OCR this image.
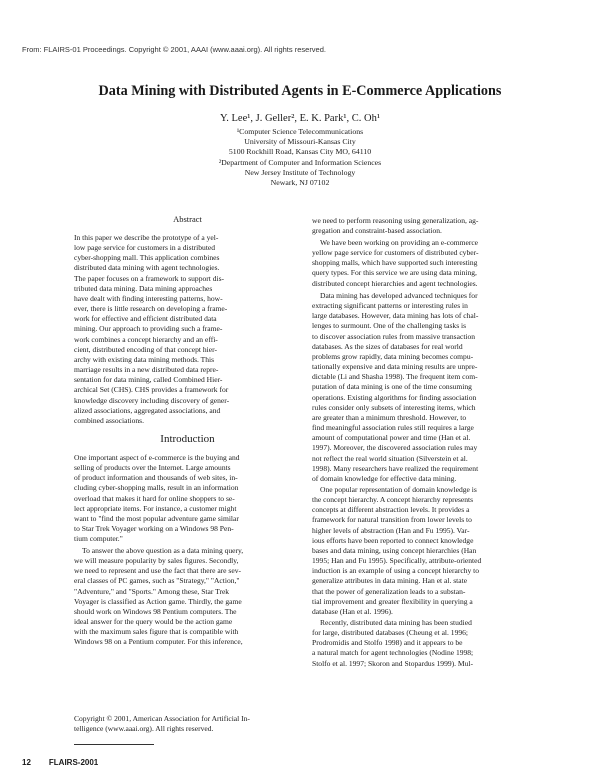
From: FLAIRS-01 Proceedings. Copyright © 2001, AAAI (www.aaai.org). All rights reserved.
Data Mining with Distributed Agents in E-Commerce Applications
Y. Lee¹, J. Geller², E. K. Park¹, C. Oh¹
¹Computer Science Telecommunications
University of Missouri-Kansas City
5100 Rockhill Road, Kansas City MO, 64110
²Department of Computer and Information Sciences
New Jersey Institute of Technology
Newark, NJ 07102
Abstract
In this paper we describe the prototype of a yel-
low page service for customers in a distributed
cyber-shopping mall. This application combines
distributed data mining with agent technologies.
The paper focuses on a framework to support dis-
tributed data mining. Data mining approaches
have dealt with finding interesting patterns, how-
ever, there is little research on developing a frame-
work for effective and efficient distributed data
mining. Our approach to providing such a frame-
work combines a concept hierarchy and an effi-
cient, distributed encoding of that concept hier-
archy with existing data mining methods. This
marriage results in a new distributed data repre-
sentation for data mining, called Combined Hier-
archical Set (CHS). CHS provides a framework for
knowledge discovery including discovery of gener-
alized associations, aggregated associations, and
combined associations.
Introduction
One important aspect of e-commerce is the buying and
selling of products over the Internet. Large amounts
of product information and thousands of web sites, in-
cluding cyber-shopping malls, result in an information
overload that makes it hard for online shoppers to se-
lect appropriate items. For instance, a customer might
want to "find the most popular adventure game similar
to Star Trek Voyager working on a Windows 98 Pen-
tium computer."
To answer the above question as a data mining query,
we will measure popularity by sales figures. Secondly,
we need to represent and use the fact that there are sev-
eral classes of PC games, such as "Strategy," "Action,"
"Adventure," and "Sports." Among these, Star Trek
Voyager is classified as Action game. Thirdly, the game
should work on Windows 98 Pentium computers. The
ideal answer for the query would be the action game
with the maximum sales figure that is compatible with
Windows 98 on a Pentium computer. For this inference,
Copyright © 2001, American Association for Artificial In-
telligence (www.aaai.org). All rights reserved.
we need to perform reasoning using generalization, ag-
gregation and constraint-based association.
We have been working on providing an e-commerce
yellow page service for customers of distributed cyber-
shopping malls, which have supported such interesting
query types. For this service we are using data mining,
distributed concept hierarchies and agent technologies.
Data mining has developed advanced techniques for
extracting significant patterns or interesting rules in
large databases. However, data mining has lots of chal-
lenges to surmount. One of the challenging tasks is
to discover association rules from massive transaction
databases. As the sizes of databases for real world
problems grow rapidly, data mining becomes compu-
tationally expensive and data mining results are unpre-
dictable (Li and Shasha 1998). The frequent item com-
putation of data mining is one of the time consuming
operations. Existing algorithms for finding association
rules consider only subsets of interesting items, which
are greater than a minimum threshold. However, to
find meaningful association rules still requires a large
amount of computational power and time (Han et al.
1997). Moreover, the discovered association rules may
not reflect the real world situation (Silverstein et al.
1998). Many researchers have realized the requirement
of domain knowledge for effective data mining.
One popular representation of domain knowledge is
the concept hierarchy. A concept hierarchy represents
concepts at different abstraction levels. It provides a
framework for natural transition from lower levels to
higher levels of abstraction (Han and Fu 1995). Var-
ious efforts have been reported to connect knowledge
bases and data mining, using concept hierarchies (Han
1995; Han and Fu 1995). Specifically, attribute-oriented
induction is an example of using a concept hierarchy to
generalize attributes in data mining. Han et al. state
that the power of generalization leads to a substan-
tial improvement and greater flexibility in querying a
database (Han et al. 1996).
Recently, distributed data mining has been studied
for large, distributed databases (Cheung et al. 1996;
Prodromidis and Stolfo 1998) and it appears to be
a natural match for agent technologies (Nodine 1998;
Stolfo et al. 1997; Skoron and Stopardus 1999). Mul-
12 FLAIRS-2001
